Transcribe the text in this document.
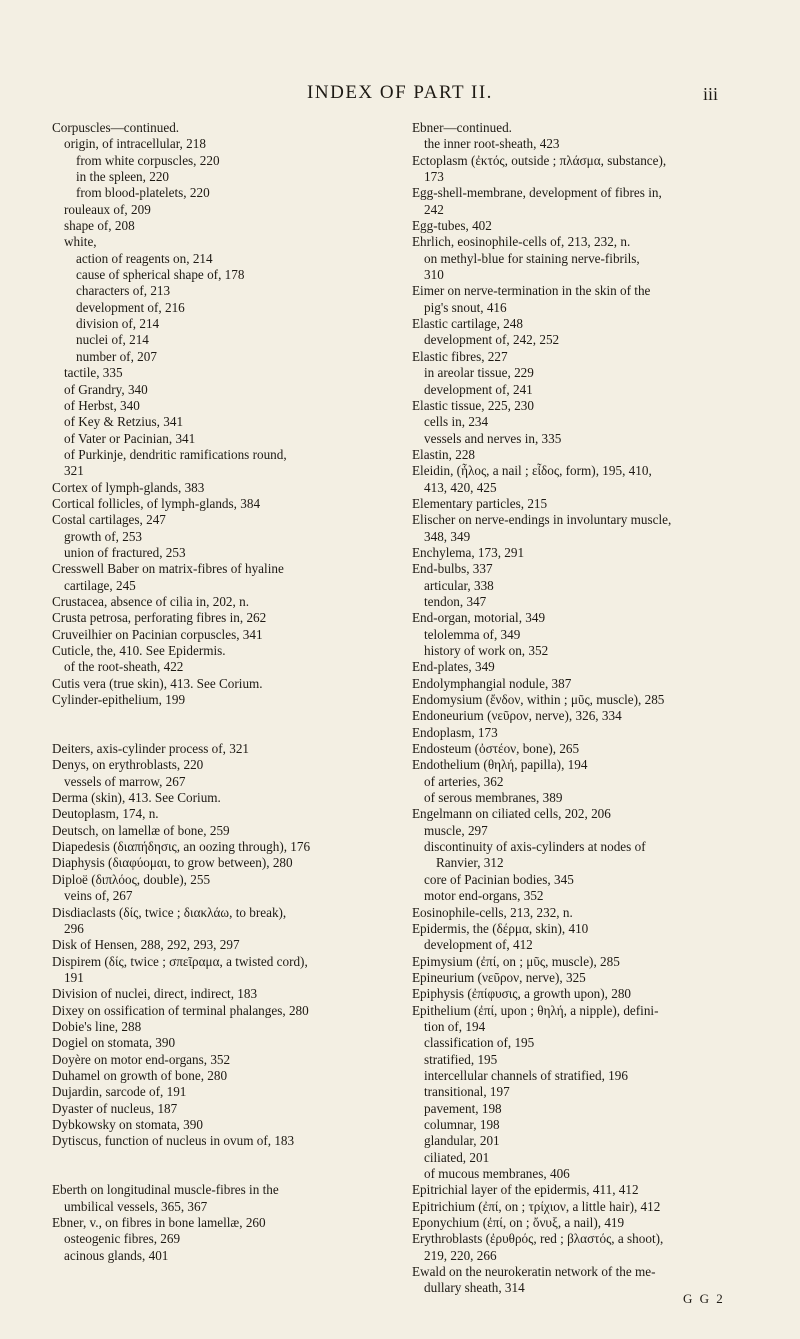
INDEX OF PART II.	iii
Corpuscles—continued.
origin, of intracellular, 218
from white corpuscles, 220
in the spleen, 220
from blood-platelets, 220
rouleaux of, 209
shape of, 208
white,
action of reagents on, 214
cause of spherical shape of, 178
characters of, 213
development of, 216
division of, 214
nuclei of, 214
number of, 207
tactile, 335
of Grandry, 340
of Herbst, 340
of Key & Retzius, 341
of Vater or Pacinian, 341
of Purkinje, dendritic ramifications round,
321
Cortex of lymph-glands, 383
Cortical follicles, of lymph-glands, 384
Costal cartilages, 247
growth of, 253
union of fractured, 253
Cresswell Baber on matrix-fibres of hyaline
cartilage, 245
Crustacea, absence of cilia in, 202, n.
Crusta petrosa, perforating fibres in, 262
Cruveilhier on Pacinian corpuscles, 341
Cuticle, the, 410. See Epidermis.
of the root-sheath, 422
Cutis vera (true skin), 413. See Corium.
Cylinder-epithelium, 199
Deiters, axis-cylinder process of, 321
Denys, on erythroblasts, 220
vessels of marrow, 267
Derma (skin), 413. See Corium.
Deutoplasm, 174, n.
Deutsch, on lamellæ of bone, 259
Diapedesis (διαπήδησις, an oozing through), 176
Diaphysis (διαφύομαι, to grow between), 280
Diploë (διπλόος, double), 255
veins of, 267
Disdiaclasts (δίς, twice ; διακλάω, to break),
296
Disk of Hensen, 288, 292, 293, 297
Dispirem (δίς, twice ; σπεῖραμα, a twisted cord),
191
Division of nuclei, direct, indirect, 183
Dixey on ossification of terminal phalanges, 280
Dobie's line, 288
Dogiel on stomata, 390
Doyère on motor end-organs, 352
Duhamel on growth of bone, 280
Dujardin, sarcode of, 191
Dyaster of nucleus, 187
Dybkowsky on stomata, 390
Dytiscus, function of nucleus in ovum of, 183
Eberth on longitudinal muscle-fibres in the
umbilical vessels, 365, 367
Ebner, v., on fibres in bone lamellæ, 260
osteogenic fibres, 269
acinous glands, 401
Ebner—continued.
the inner root-sheath, 423
Ectoplasm (ἐκτός, outside ; πλάσμα, substance),
173
Egg-shell-membrane, development of fibres in,
242
Egg-tubes, 402
Ehrlich, eosinophile-cells of, 213, 232, n.
on methyl-blue for staining nerve-fibrils,
310
Eimer on nerve-termination in the skin of the
pig's snout, 416
Elastic cartilage, 248
development of, 242, 252
Elastic fibres, 227
in areolar tissue, 229
development of, 241
Elastic tissue, 225, 230
cells in, 234
vessels and nerves in, 335
Elastin, 228
Eleidin, (ἧλος, a nail ; εἶδος, form), 195, 410,
413, 420, 425
Elementary particles, 215
Elischer on nerve-endings in involuntary muscle,
348, 349
Enchylema, 173, 291
End-bulbs, 337
articular, 338
tendon, 347
End-organ, motorial, 349
telolemma of, 349
history of work on, 352
End-plates, 349
Endolymphangial nodule, 387
Endomysium (ἔνδον, within ; μῦς, muscle), 285
Endoneurium (νεῦρον, nerve), 326, 334
Endoplasm, 173
Endosteum (ὀστέον, bone), 265
Endothelium (θηλή, papilla), 194
of arteries, 362
of serous membranes, 389
Engelmann on ciliated cells, 202, 206
muscle, 297
discontinuity of axis-cylinders at nodes of
Ranvier, 312
core of Pacinian bodies, 345
motor end-organs, 352
Eosinophile-cells, 213, 232, n.
Epidermis, the (δέρμα, skin), 410
development of, 412
Epimysium (ἐπί, on ; μῦς, muscle), 285
Epineurium (νεῦρον, nerve), 325
Epiphysis (ἐπίφυσις, a growth upon), 280
Epithelium (ἐπί, upon ; θηλή, a nipple), defini-
tion of, 194
classification of, 195
stratified, 195
intercellular channels of stratified, 196
transitional, 197
pavement, 198
columnar, 198
glandular, 201
ciliated, 201
of mucous membranes, 406
Epitrichial layer of the epidermis, 411, 412
Epitrichium (ἐπί, on ; τρίχιον, a little hair), 412
Eponychium (ἐπί, on ; ὄνυξ, a nail), 419
Erythroblasts (ἐρυθρός, red ; βλαστός, a shoot),
219, 220, 266
Ewald on the neurokeratin network of the me-
dullary sheath, 314
G G 2
